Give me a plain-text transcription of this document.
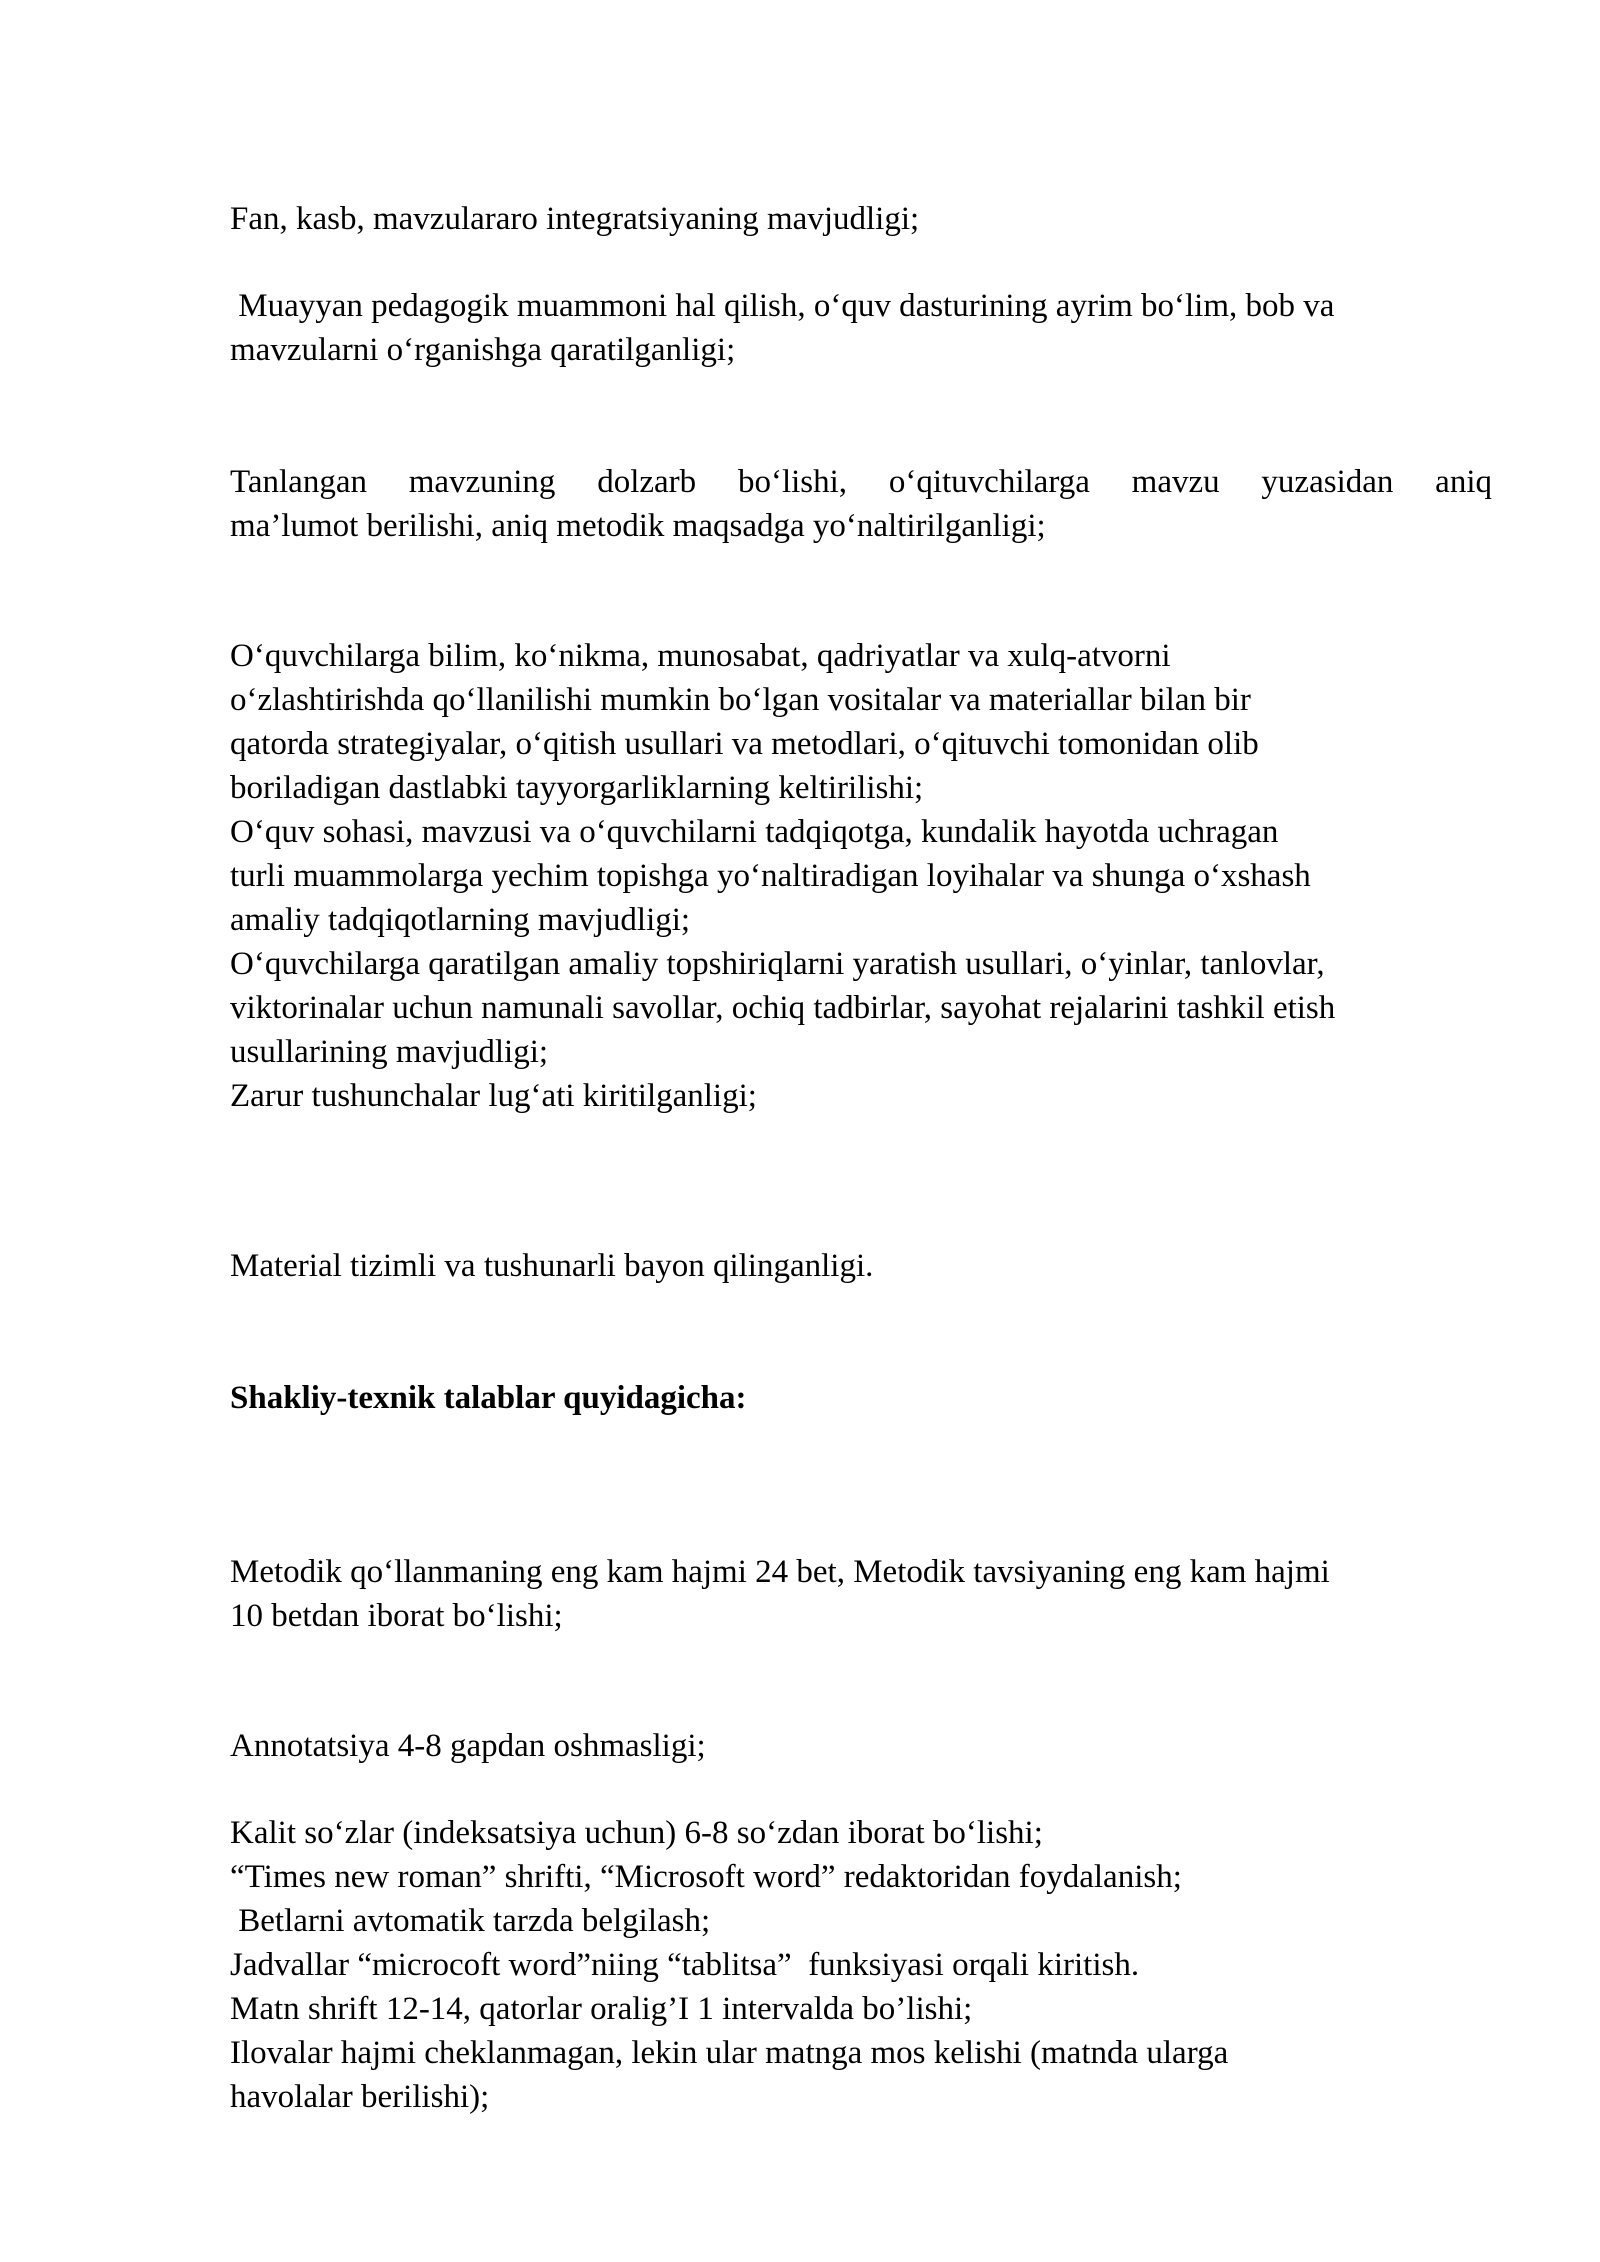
Fan, kasb, mavzulararo integratsiyaning mavjudligi;

Muayyan pedagogik muammoni hal qilish, o‘quv dasturining ayrim bo‘lim, bob va

mavzularni o‘rganishga qaratilganligi;

Tanlangan mavzuning dolzarb bo‘lishi, o‘qituvchilarga mavzu yuzasidan aniq

ma’lumot berilishi, aniq metodik maqsadga yo‘naltirilganligi;

O‘quvchilarga bilim, ko‘nikma, munosabat, qadriyatlar va xulq-atvorni

o‘zlashtirishda qo‘llanilishi mumkin bo‘lgan vositalar va materiallar bilan bir

qatorda strategiyalar, o‘qitish usullari va metodlari, o‘qituvchi tomonidan olib

boriladigan dastlabki tayyorgarliklarning keltirilishi;

O‘quv sohasi, mavzusi va o‘quvchilarni tadqiqotga, kundalik hayotda uchragan

turli muammolarga yechim topishga yo‘naltiradigan loyihalar va shunga o‘xshash

amaliy tadqiqotlarning mavjudligi;

O‘quvchilarga qaratilgan amaliy topshiriqlarni yaratish usullari, o‘yinlar, tanlovlar,

viktorinalar uchun namunali savollar, ochiq tadbirlar, sayohat rejalarini tashkil etish

usullarining mavjudligi;

Zarur tushunchalar lug‘ati kiritilganligi;

Material tizimli va tushunarli bayon qilinganligi.

Shakliy-texnik talablar quyidagicha:

Metodik qo‘llanmaning eng kam hajmi 24 bet, Metodik tavsiyaning eng kam hajmi

10 betdan iborat bo‘lishi;

Annotatsiya 4-8 gapdan oshmasligi;

Kalit so‘zlar (indeksatsiya uchun) 6-8 so‘zdan iborat bo‘lishi;

“Times new roman” shrifti, “Microsoft word” redaktoridan foydalanish;

Betlarni avtomatik tarzda belgilash;

Jadvallar “microcoft word”niing “tablitsa”  funksiyasi orqali kiritish.

Matn shrift 12-14, qatorlar oralig’I 1 intervalda bo’lishi;

Ilovalar hajmi cheklanmagan, lekin ular matnga mos kelishi (matnda ularga

havolalar berilishi);
